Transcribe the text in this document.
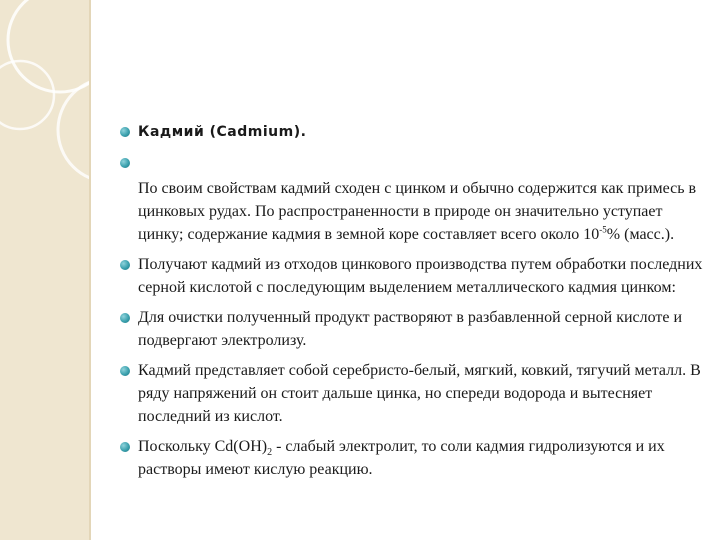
Кадмий (Cadmium).
По своим свойствам кадмий сходен с цинком и обычно содержится как примесь в цинковых рудах. По распространенности в природе он значительно уступает цинку; содержание кадмия в земной коре составляет всего около $10^{-5}\%$ (масс.).
Получают кадмий из отходов цинкового производства путем обработки последних серной кислотой с последующим выделением металлического кадмия цинком:
Для очистки полученный продукт растворяют в разбавленной серной кислоте и подвергают электролизу.
Кадмий представляет собой серебристо-белый, мягкий, ковкий, тягучий металл. В ряду напряжений он стоит дальше цинка, но спереди водорода и вытесняет последний из кислот.
Поскольку $Cd(OH)_2$ - слабый электролит, то соли кадмия гидролизуются и их растворы имеют кислую реакцию.
